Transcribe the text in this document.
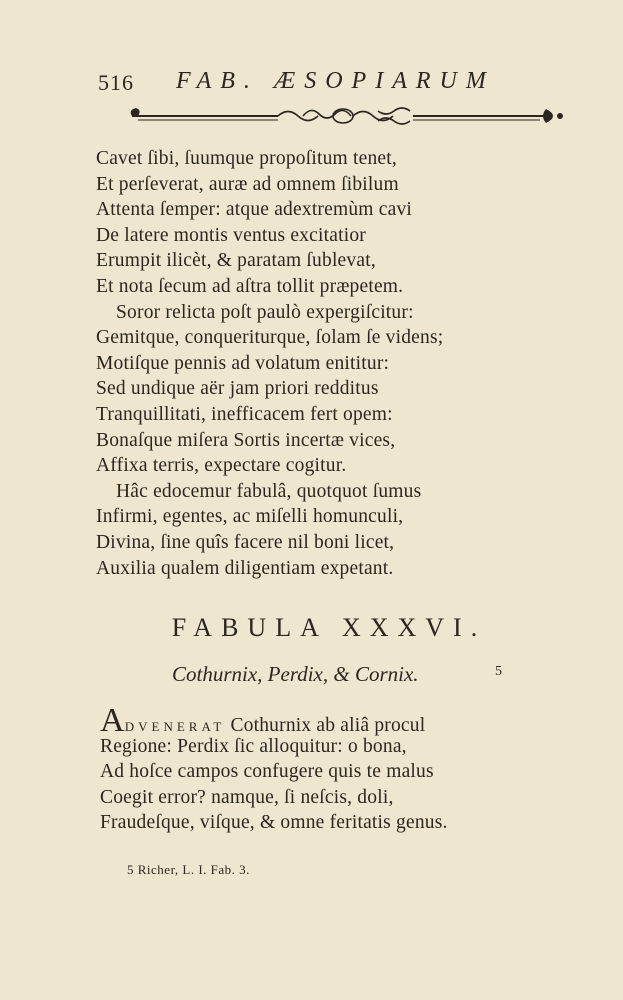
516 FAB. ÆSOPIARUM
Cavet ſibi, ſuumque propoſitum tenet,
Et perſeverat, auræ ad omnem ſibilum
Attenta ſemper: atque adextremùm cavi
De latere montis ventus excitatior
Erumpit ilicèt, & paratam ſublevat,
Et nota ſecum ad aſtra tollit præpetem.
Soror relicta poſt paulò expergiſcitur:
Gemitque, conqueriturque, ſolam ſe videns;
Motiſque pennis ad volatum enititur:
Sed undique aër jam priori redditus
Tranquillitati, inefficacem fert opem:
Bonaſque miſera Sortis incertæ vices,
Affixa terris, expectare cogitur.
Hâc edocemur fabulâ, quotquot ſumus
Infirmi, egentes, ac miſelli homunculi,
Divina, ſine quîs facere nil boni licet,
Auxilia qualem diligentiam expetant.
FABULA XXXVI.
Cothurnix, Perdix, & Cornix.	5
ADVENERAT Cothurnix ab aliâ procul
Regione: Perdix ſic alloquitur: o bona,
Ad hoſce campos confugere quis te malus
Coegit error? namque, ſi neſcis, doli,
Fraudeſque, viſque, & omne feritatis genus.
5 Richer, L. I. Fab. 3.
